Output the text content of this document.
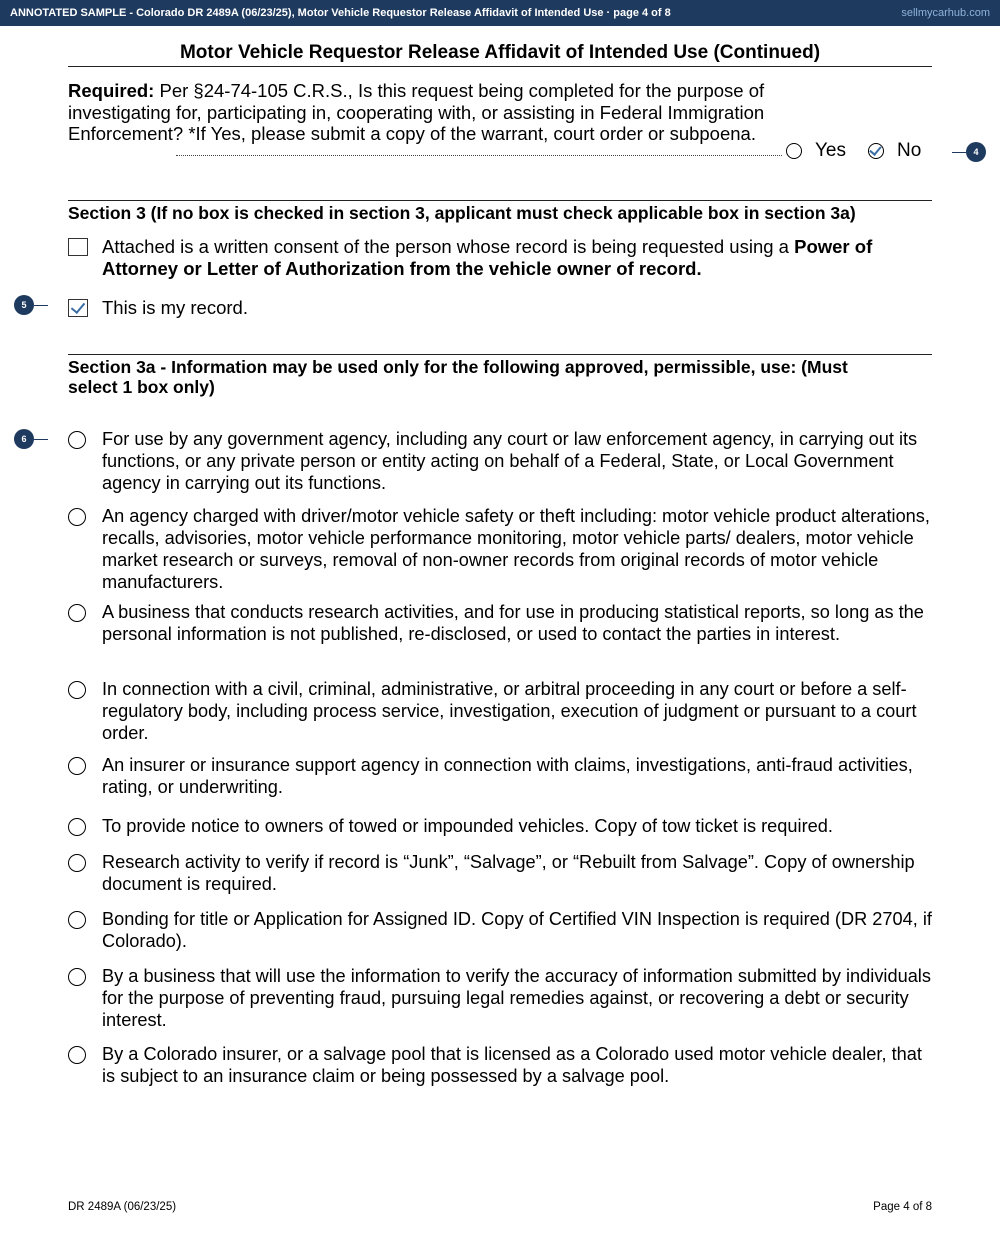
ANNOTATED SAMPLE - Colorado DR 2489A (06/23/25), Motor Vehicle Requestor Release Affidavit of Intended Use · page 4 of 8	sellmycarhub.com
Motor Vehicle Requestor Release Affidavit of Intended Use (Continued)
Required: Per §24-74-105 C.R.S., Is this request being completed for the purpose of investigating for, participating in, cooperating with, or assisting in Federal Immigration Enforcement? *If Yes, please submit a copy of the warrant, court order or subpoena.
Yes	No	4
Section 3 (If no box is checked in section 3, applicant must check applicable box in section 3a)
Attached is a written consent of the person whose record is being requested using a Power of Attorney or Letter of Authorization from the vehicle owner of record.
5	This is my record.
Section 3a - Information may be used only for the following approved, permissible, use: (Must select 1 box only)
6	For use by any government agency, including any court or law enforcement agency, in carrying out its functions, or any private person or entity acting on behalf of a Federal, State, or Local Government agency in carrying out its functions.
An agency charged with driver/motor vehicle safety or theft including: motor vehicle product alterations, recalls, advisories, motor vehicle performance monitoring, motor vehicle parts/ dealers, motor vehicle market research or surveys, removal of non-owner records from original records of motor vehicle manufacturers.
A business that conducts research activities, and for use in producing statistical reports, so long as the personal information is not published, re-disclosed, or used to contact the parties in interest.
In connection with a civil, criminal, administrative, or arbitral proceeding in any court or before a self-regulatory body, including process service, investigation, execution of judgment or pursuant to a court order.
An insurer or insurance support agency in connection with claims, investigations, anti-fraud activities, rating, or underwriting.
To provide notice to owners of towed or impounded vehicles. Copy of tow ticket is required.
Research activity to verify if record is “Junk”, “Salvage”, or “Rebuilt from Salvage”. Copy of ownership document is required.
Bonding for title or Application for Assigned ID. Copy of Certified VIN Inspection is required (DR 2704, if Colorado).
By a business that will use the information to verify the accuracy of information submitted by individuals for the purpose of preventing fraud, pursuing legal remedies against, or recovering a debt or security interest.
By a Colorado insurer, or a salvage pool that is licensed as a Colorado used motor vehicle dealer, that is subject to an insurance claim or being possessed by a salvage pool.
DR 2489A (06/23/25)	Page 4 of 8
